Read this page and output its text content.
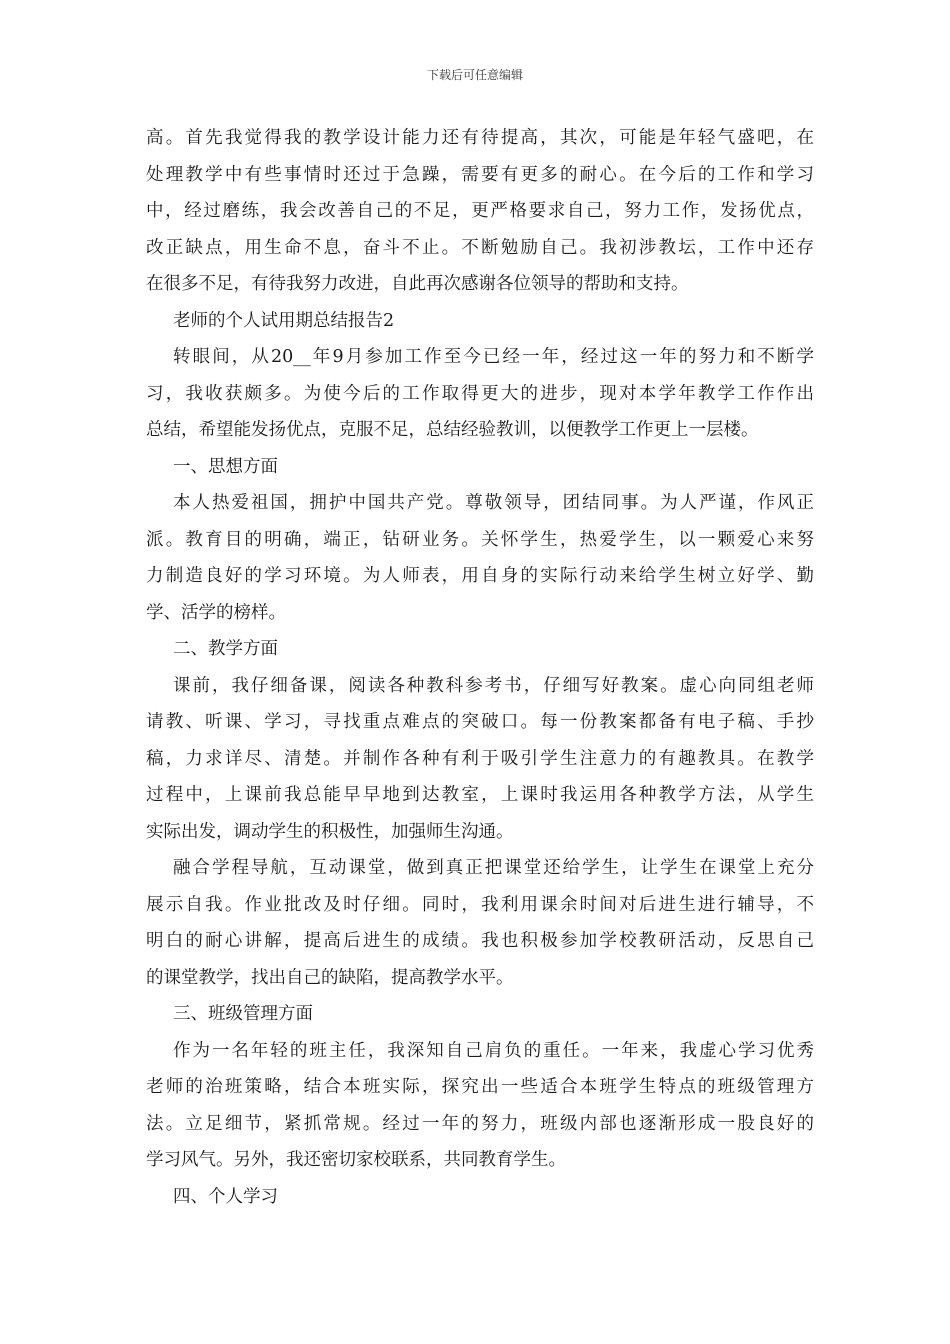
下载后可任意编辑
高。首先我觉得我的教学设计能力还有待提高，其次，可能是年轻气盛吧，在
处理教学中有些事情时还过于急躁，需要有更多的耐心。在今后的工作和学习
中，经过磨练，我会改善自己的不足，更严格要求自己，努力工作，发扬优点，
改正缺点，用生命不息，奋斗不止。不断勉励自己。我初涉教坛，工作中还存
在很多不足，有待我努力改进，自此再次感谢各位领导的帮助和支持。
老师的个人试用期总结报告2
转眼间，从20__年9月参加工作至今已经一年，经过这一年的努力和不断学
习，我收获颇多。为使今后的工作取得更大的进步，现对本学年教学工作作出
总结，希望能发扬优点，克服不足，总结经验教训，以便教学工作更上一层楼。
一、思想方面
本人热爱祖国，拥护中国共产党。尊敬领导，团结同事。为人严谨，作风正
派。教育目的明确，端正，钻研业务。关怀学生，热爱学生，以一颗爱心来努
力制造良好的学习环境。为人师表，用自身的实际行动来给学生树立好学、勤
学、活学的榜样。
二、教学方面
课前，我仔细备课，阅读各种教科参考书，仔细写好教案。虚心向同组老师
请教、听课、学习，寻找重点难点的突破口。每一份教案都备有电子稿、手抄
稿，力求详尽、清楚。并制作各种有利于吸引学生注意力的有趣教具。在教学
过程中，上课前我总能早早地到达教室，上课时我运用各种教学方法，从学生
实际出发，调动学生的积极性，加强师生沟通。
融合学程导航，互动课堂，做到真正把课堂还给学生，让学生在课堂上充分
展示自我。作业批改及时仔细。同时，我利用课余时间对后进生进行辅导，不
明白的耐心讲解，提高后进生的成绩。我也积极参加学校教研活动，反思自己
的课堂教学，找出自己的缺陷，提高教学水平。
三、班级管理方面
作为一名年轻的班主任，我深知自己肩负的重任。一年来，我虚心学习优秀
老师的治班策略，结合本班实际，探究出一些适合本班学生特点的班级管理方
法。立足细节，紧抓常规。经过一年的努力，班级内部也逐渐形成一股良好的
学习风气。另外，我还密切家校联系，共同教育学生。
四、个人学习
